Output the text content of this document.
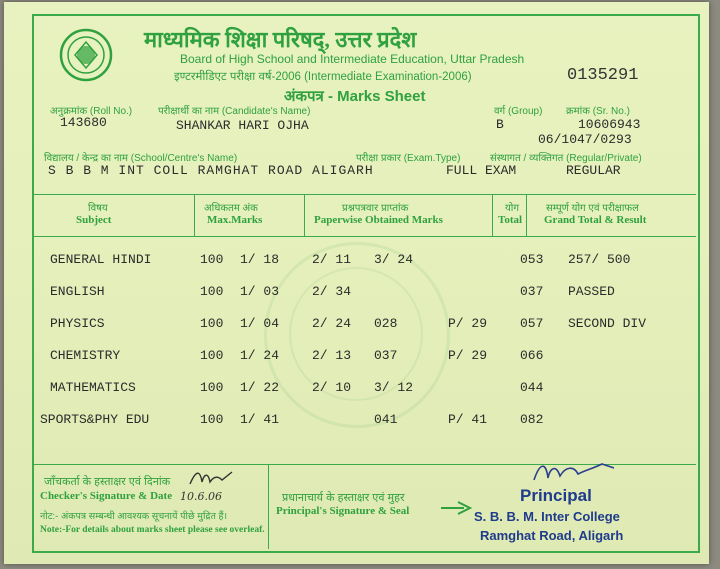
माध्यमिक शिक्षा परिषद्, उत्तर प्रदेश
Board of High School and Intermediate Education, Uttar Pradesh
इण्टरमीडिएट परीक्षा वर्ष-2006 (Intermediate Examination-2006)	0135291
अंकपत्र - Marks Sheet
अनुक्रमांक (Roll No.)
143680
परीक्षार्थी का नाम (Candidate's Name)
SHANKAR HARI OJHA
वर्ग (Group)
B
क्रमांक (Sr. No.)
10606943
06/1047/0293
विद्यालय / केन्द्र का नाम (School/Centre's Name)
S B B M INT COLL RAMGHAT ROAD ALIGARH
परीक्षा प्रकार (Exam.Type)
FULL EXAM
संस्थागत / व्यक्तिगत (Regular/Private)
REGULAR
विषय
Subject
अधिकतम अंक
Max.Marks
प्रश्नपत्रवार प्राप्तांक
Paperwise Obtained Marks
योग
Total
सम्पूर्ण योग एवं परीक्षाफल
Grand Total & Result
GENERAL HINDI	100 1/ 18	2/ 11 3/ 24	053 257/ 500
ENGLISH	100 1/ 03	2/ 34	037 PASSED
PHYSICS	100 1/ 04	2/ 24 028	P/ 29	057 SECOND DIV
CHEMISTRY	100 1/ 24	2/ 13 037	P/ 29	066
MATHEMATICS	100 1/ 22	2/ 10 3/ 12	044
SPORTS&PHY EDU	100 1/ 41	041	P/ 41	082
जाँचकर्ता के हस्ताक्षर एवं दिनांक
Checker's Signature & Date 10.6.06
नोट:- अंकपत्र सम्बन्धी आवश्यक सूचनायें पीछे मुद्रित हैं।
Note:-For details about marks sheet please see overleaf.
प्रधानाचार्य के हस्ताक्षर एवं मुहर
Principal's Signature & Seal
Principal
S. B. B. M. Inter College
Ramghat Road, Aligarh
